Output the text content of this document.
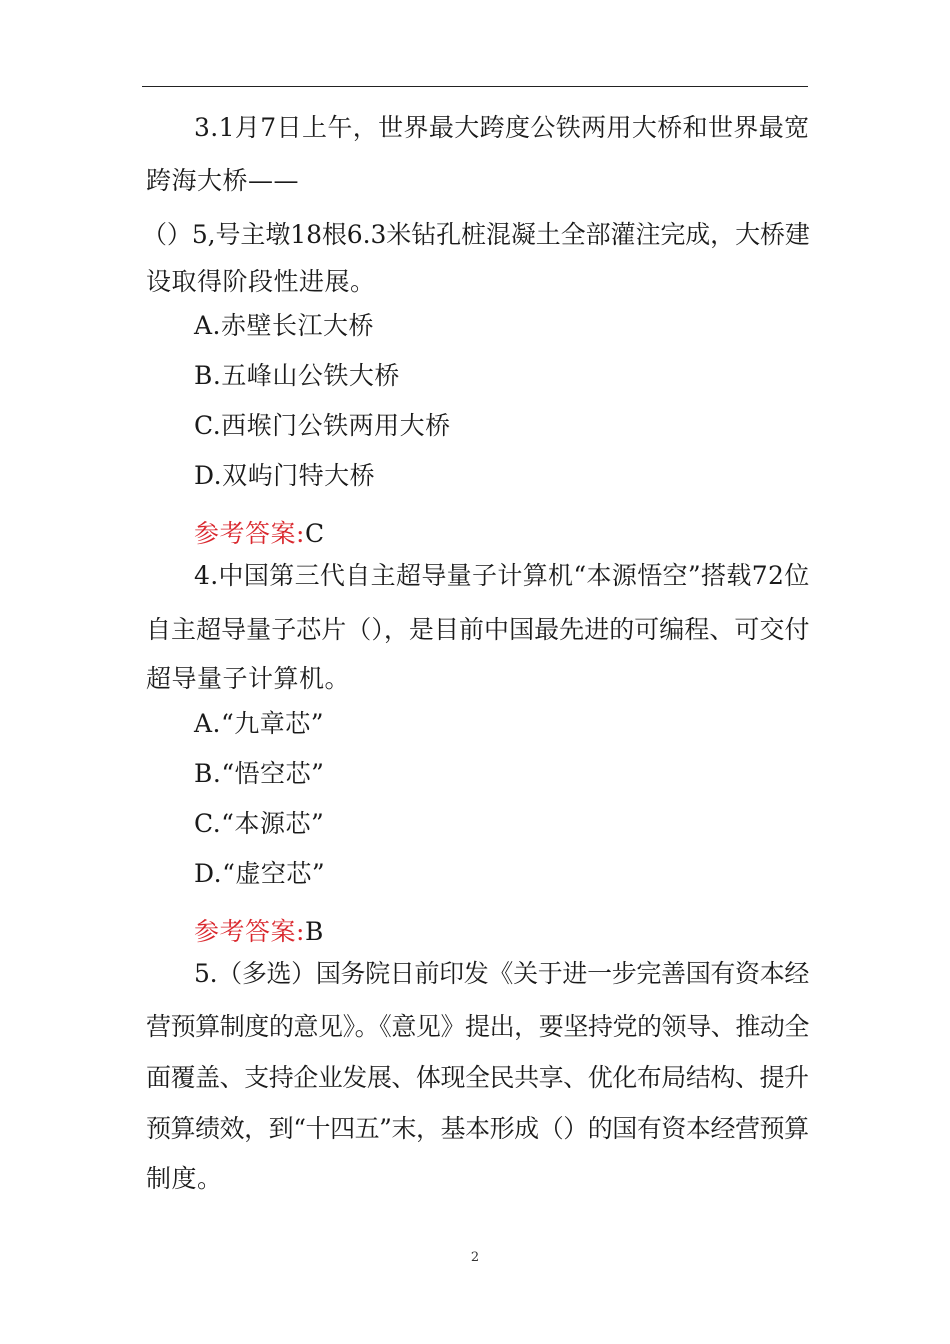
3.1月7日上午，世界最大跨度公铁两用大桥和世界最宽
跨海大桥——
（）5,号主墩18根6.3米钻孔桩混凝土全部灌注完成，大桥建
设取得阶段性进展。
A.赤壁长江大桥
B.五峰山公铁大桥
C.西堠门公铁两用大桥
D.双屿门特大桥
参考答案:C
4.中国第三代自主超导量子计算机“本源悟空”搭载72位
自主超导量子芯片（），是目前中国最先进的可编程、可交付
超导量子计算机。
A.“九章芯”
B.“悟空芯”
C.“本源芯”
D.“虚空芯”
参考答案:B
5.（多选）国务院日前印发《关于进一步完善国有资本经
营预算制度的意见》。《意见》提出，要坚持党的领导、推动全
面覆盖、支持企业发展、体现全民共享、优化布局结构、提升
预算绩效，到“十四五”末，基本形成（）的国有资本经营预算
制度。
2
